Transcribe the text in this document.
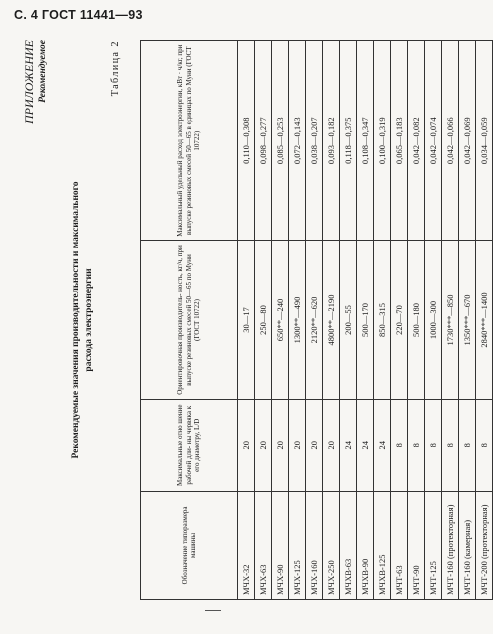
С. 4 ГОСТ 11441—93
ПРИЛОЖЕНИЕ Рекомендуемое
Рекомендуемые значения производительности и максимального расхода электроэнергии
Таблица 2
Обозначение типоразмера машины	Максимальные отно шение рабочей дли- ны червяка к его диаметру, L/D	Ориентировочная производитель- ность, кг/ч, при выпуске резиновых смесей 50—65 по Муни (ГОСТ 10722)	Максимальный удельный расход электроэнергии, кВт · ч/кг, при выпуске резиновых смесей 50—65 в единицах по Муни (ГОСТ 10722)
МЧХ-32	20	30—17	0,110—0,308
МЧХ-63	20	250—80	0,098—0,277
МЧХ-90	20	650**—240	0,085—0,253
МЧХ-125	20	1300**—490	0,072—0,143
МЧХ-160	20	2120**—620	0,038—0,207
МЧХ-250	20	4800**—2190	0,093—0,182
МЧХВ-63	24	200—55	0,118—0,375
МЧХВ-90	24	500—170	0,108—0,347
МЧХВ-125	24	850—315	0,100—0,319
МЧТ-63	8	220—70	0,065—0,183
МЧТ-90	8	500—180	0,042—0,082
МЧТ-125	8	1000—300	0,042—0,074
МЧТ-160 (протекторная)	8	1730***—850	0,042—0,066
МЧТ-160 (камерная)	8	1350***—670	0,042—0,069
МЧТ-200 (протекторная)	8	2840***—1400	0,034—0,059
